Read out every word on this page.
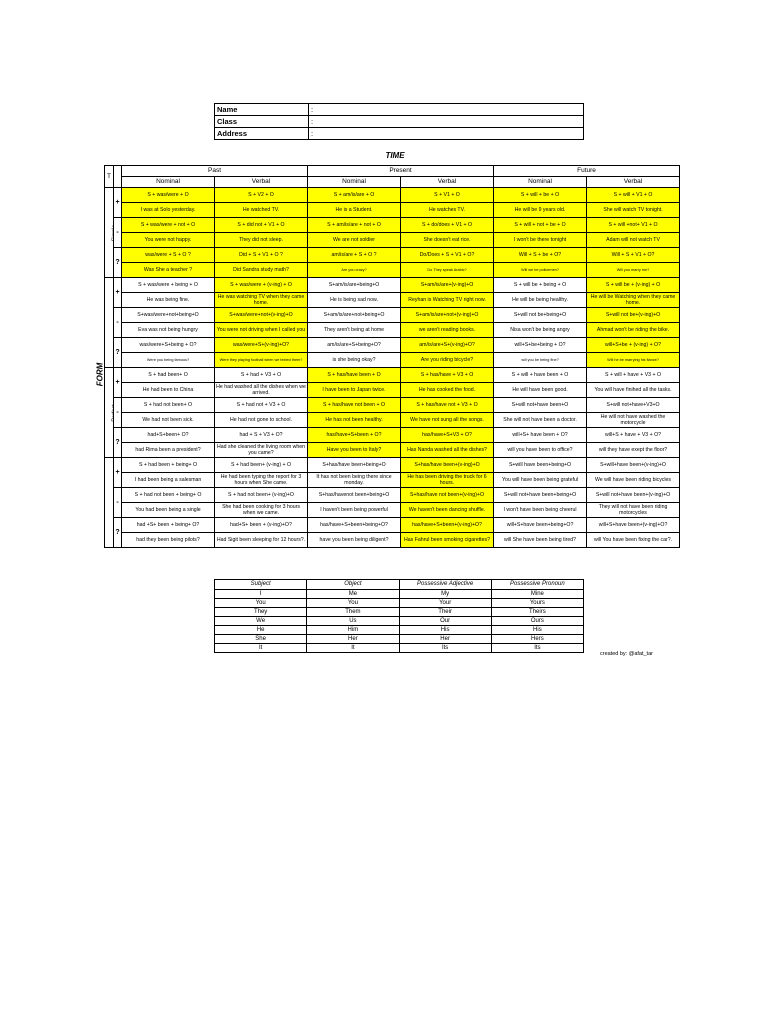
Name	:
Class	:
Address	:
TIME
FORM
T		Past		Present		Future	
		Nominal	Verbal	Nominal	Verbal	Nominal	Verbal
Simple	+	S + was/were + O	S + V2 + O	S + am/is/are + O	S + V1 + O	S + will + be + O	S + will + V1 + O
		I was at Solo yesterday.	He watched TV.	He is a Student.	He watches TV.	He will be 9 years old.	She will watch TV tonight.
	-	S + was/were + not + O	S + did not + V1 + O	S + am/is/are + not + O	S + do/does + V1 + O	S + will + not + be + O	S + will +not+ V1 + O
		You were not happy.	They did not sleep.	We are not soldier	She doesn't eat rice.	I won't be there tonight	Adam will not watch TV
	?	was/were + S + O ?	Did + S + V1 + O ?	am/is/are + S + O ?	Do/Does + S + V1 + O?	Will + S + be + O?	Will + S + V1 + O?
		Was She a teacher ?	Did Sandra study math?	Are you crazy?	Do They speak Arabic?	Will we be policemen?	Will you marry me?
	+	S + was/were + being + O	S + was/were + (v-ing) + O	S+am/is/are+being+O	S+am/is/are+(v-ing)+O	S + will be + being + O	S + will be + (v-ing) + O
		He was being fine.	He was watching TV when they came home.	He is being sad now.	Reyhan is Watching TV right now.	He will be being healthy.	He will be Watching when they came home.
	-	S+was/were+not+being+O	S+was/were+not+(v-ing)+O	S+am/is/are+not+being+O	S+am/is/are+not+(v-ing)+O	S+will not be+being+O	S+will not be+(v-ing)+O
		Eva was not being hungry	You were not driving when I called you	They aren't being at home	we aren't reading books.	Nisa won't be being angry	Ahmad won't be riding the bike.
	?	was/were+S+being + O?	was/were+S+(v-ing)+O?	am/is/are+S+being+O?	am/is/are+S+(v-ing)+O?	will+S+be+being + O?	will+S+be + (v-ing) + O?
		Were you being famous?	Were they playing football when we texted them?	is she being okay?	Are you riding bicycle?	will you be being fine?	Will he be marrying his fiance?
	+	S + had been+ O	S + had + V3 + O	S + has/have been + O	S + has/have + V3 + O	S + will + have been + O	S + will + have + V3 + O
		He had been to China	He had washed all the dishes when we arrived.	I have been to Japan twice.	He has cooked the food.	He will have been good.	You will have finihed all the tasks.
	-	S + had not been+ O	S + had not + V3 + O	S + has/have not been + O	S + has/have not + V3 + O	S+will not+have been+O	S+will not+have+V3+O
		We had not been sick.	He had not gone to school.	He has not been healthy.	We have not sung all the songs.	She will not have been a doctor.	He will not have washed the motorcycle
	?	had+S+been+ O?	had + S + V3 + O?	has/have+S+been + O?	has/have+S+V3 + O?	will+S+ have been + O?	will+S + have + V3 + O?
		had Rima been a president?	Had she cleaned the living room when you came?	Have you been to Italy?	Has Nanda washed all the dishes?	will you have been to office?	will they have exept the floor?
	+	S + had been + being+ O	S + had been+ (v-ing) + O	S+has/have been+being+O	S+has/have been+(v-ing)+O	S+will have been+being+O	S+will+have been+(v-ing)+O
		I had been being a salesman	He had been typing the report for 3 hours when She came.	It has not been being there since monday.	He has been driving the truck for 6 hours.	You will have been being grateful	We will have been riding bicycles
	-	S + had not been + being+ O	S + had not been+ (v-ing)+O	S+has/havenot been+being+O	S+has/have not been+(v-ing)+O	S+will not+have been+being+O	S+will not+have been+(v-ing)+O
		You had been being a single	She had been cooking for 3 hours when we came.	I haven't been being powerful	We haven't been dancing shuffle.	I won't have been being cheerul	They will not have been riding motorcycles
	?	had +S+ been + being+ O?	had+S+ been + (v-ing)+O?	has/have+S+been+being+O?	has/have+S+been+(v-ing)+O?	will+S+have been+being+O?	will+S+have been+(v-ing)+O?
		had they been being pilots?	Had Sigit been sleeping for 12 hours?.	have you been being diligent?	Has Fahrul been smoking cigarettes?	will She have been being tired?	will You have been fixing the car?.
Subject	Object	Possessive Adjective	Possessive Pronoun
I	Me	My	Mine
You	You	Your	Yours
They	Them	Their	Theirs
We	Us	Our	Ours
He	Him	His	His
She	Her	Her	Hers
It	It	Its	Its
created by: @afat_tar
